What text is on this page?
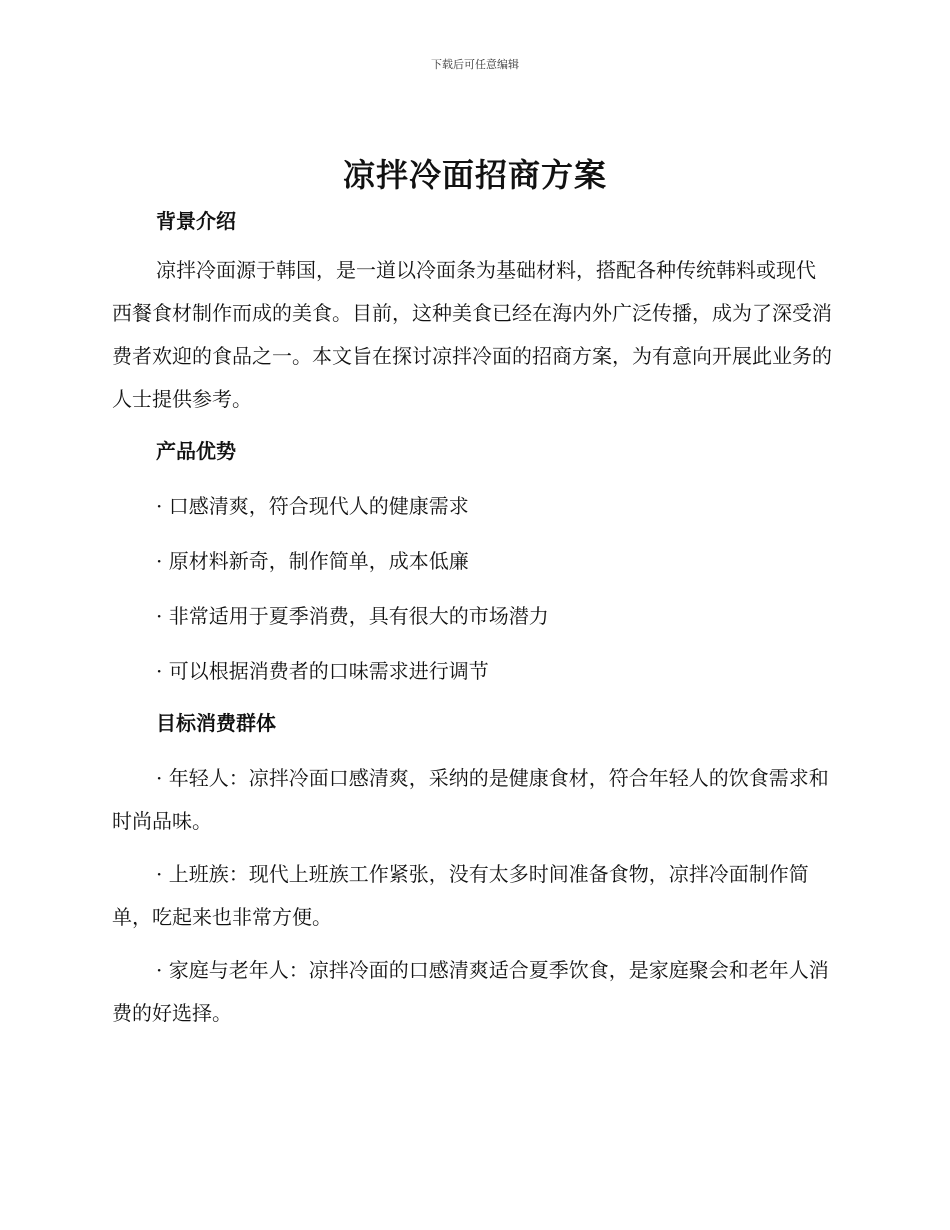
下载后可任意编辑
凉拌冷面招商方案
背景介绍

凉拌冷面源于韩国，是一道以冷面条为基础材料，搭配各种传统韩料或现代西餐食材制作而成的美食。目前，这种美食已经在海内外广泛传播，成为了深受消费者欢迎的食品之一。本文旨在探讨凉拌冷面的招商方案，为有意向开展此业务的人士提供参考。

产品优势

· 口感清爽，符合现代人的健康需求

· 原材料新奇，制作简单，成本低廉

· 非常适用于夏季消费，具有很大的市场潜力

· 可以根据消费者的口味需求进行调节

目标消费群体

· 年轻人：凉拌冷面口感清爽，采纳的是健康食材，符合年轻人的饮食需求和时尚品味。

· 上班族：现代上班族工作紧张，没有太多时间准备食物，凉拌冷面制作简单，吃起来也非常方便。

· 家庭与老年人：凉拌冷面的口感清爽适合夏季饮食，是家庭聚会和老年人消费的好选择。
